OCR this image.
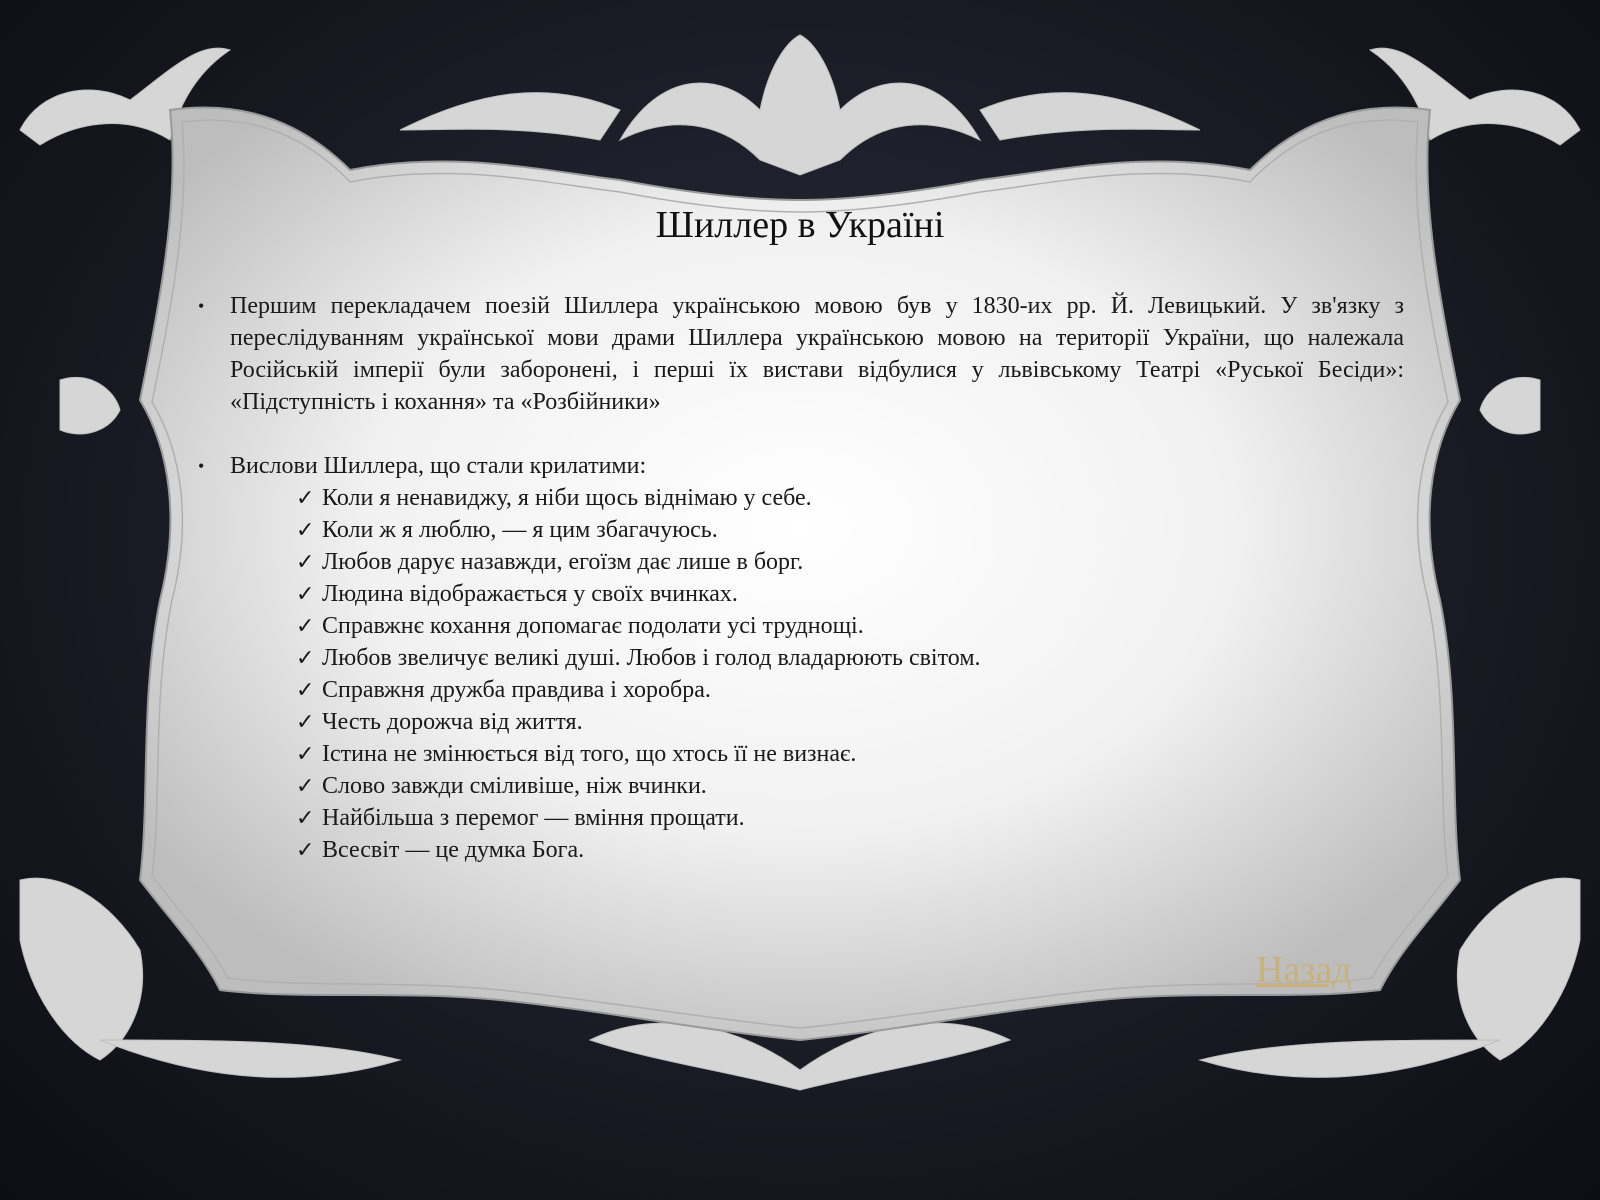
Шиллер в Україні
• Першим перекладачем поезій Шиллера українською мовою був у 1830-их рр. Й. Левицький. У зв'язку з переслідуванням української мови драми Шиллера українською мовою на території України, що належала Російській імперії були заборонені, і перші їх вистави відбулися у львівському Театрі «Руської Бесіди»: «Підступність і кохання» та «Розбійники»
• Вислови Шиллера, що стали крилатими:
✓ Коли я ненавиджу, я ніби щось віднімаю у себе.
✓ Коли ж я люблю, — я цим збагачуюсь.
✓ Любов дарує назавжди, егоїзм дає лише в борг.
✓ Людина відображається у своїх вчинках.
✓ Справжнє кохання допомагає подолати усі труднощі.
✓ Любов звеличує великі душі. Любов і голод владарюють світом.
✓ Справжня дружба правдива і хоробра.
✓ Честь дорожча від життя.
✓ Істина не змінюється від того, що хтось її не визнає.
✓ Слово завжди сміливіше, ніж вчинки.
✓ Найбільша з перемог — вміння прощати.
✓ Всесвіт — це думка Бога.
Назад
